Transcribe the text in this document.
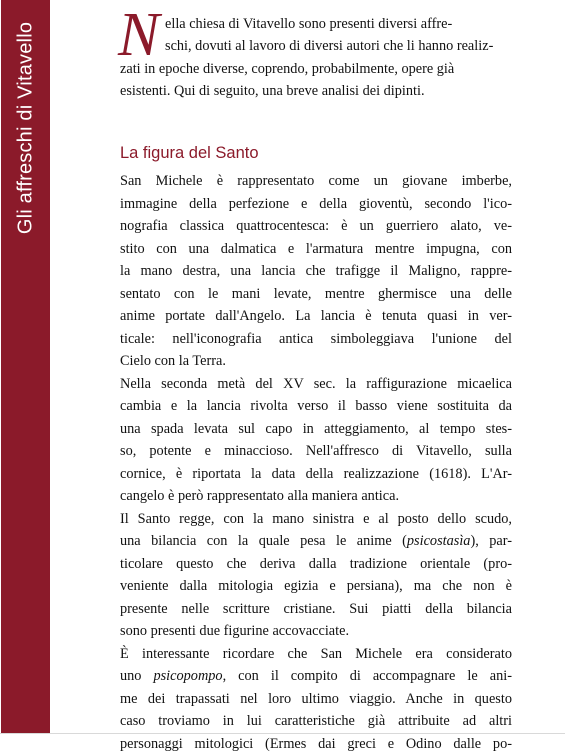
Gli affreschi di Vitavello N ella chiesa di Vitavello sono presenti diversi affre-
schi, dovuti al lavoro di diversi autori che li hanno realiz-
zati in epoche diverse, coprendo, probabilmente, opere già
esistenti. Qui di seguito, una breve analisi dei dipinti.
La figura del Santo
San Michele è rappresentato come un giovane imberbe,
immagine della perfezione e della gioventù, secondo l'ico-
nografia classica quattrocentesca: è un guerriero alato, ve-
stito con una dalmatica e l'armatura mentre impugna, con
la mano destra, una lancia che trafigge il Maligno, rappre-
sentato con le mani levate, mentre ghermisce una delle
anime portate dall'Angelo. La lancia è tenuta quasi in ver-
ticale: nell'iconografia antica simboleggiava l'unione del
Cielo con la Terra.
Nella seconda metà del XV sec. la raffigurazione micaelica
cambia e la lancia rivolta verso il basso viene sostituita da
una spada levata sul capo in atteggiamento, al tempo stes-
so, potente e minaccioso. Nell'affresco di Vitavello, sulla
cornice, è riportata la data della realizzazione (1618). L'Ar-
cangelo è però rappresentato alla maniera antica.
Il Santo regge, con la mano sinistra e al posto dello scudo,
una bilancia con la quale pesa le anime (psicostasìa), par-
ticolare questo che deriva dalla tradizione orientale (pro-
veniente dalla mitologia egizia e persiana), ma che non è
presente nelle scritture cristiane. Sui piatti della bilancia
sono presenti due figurine accovacciate.
È interessante ricordare che San Michele era considerato
uno psicopompo, con il compito di accompagnare le ani-
me dei trapassati nel loro ultimo viaggio. Anche in questo
caso troviamo in lui caratteristiche già attribuite ad altri
personaggi mitologici (Ermes dai greci e Odino dalle po-
